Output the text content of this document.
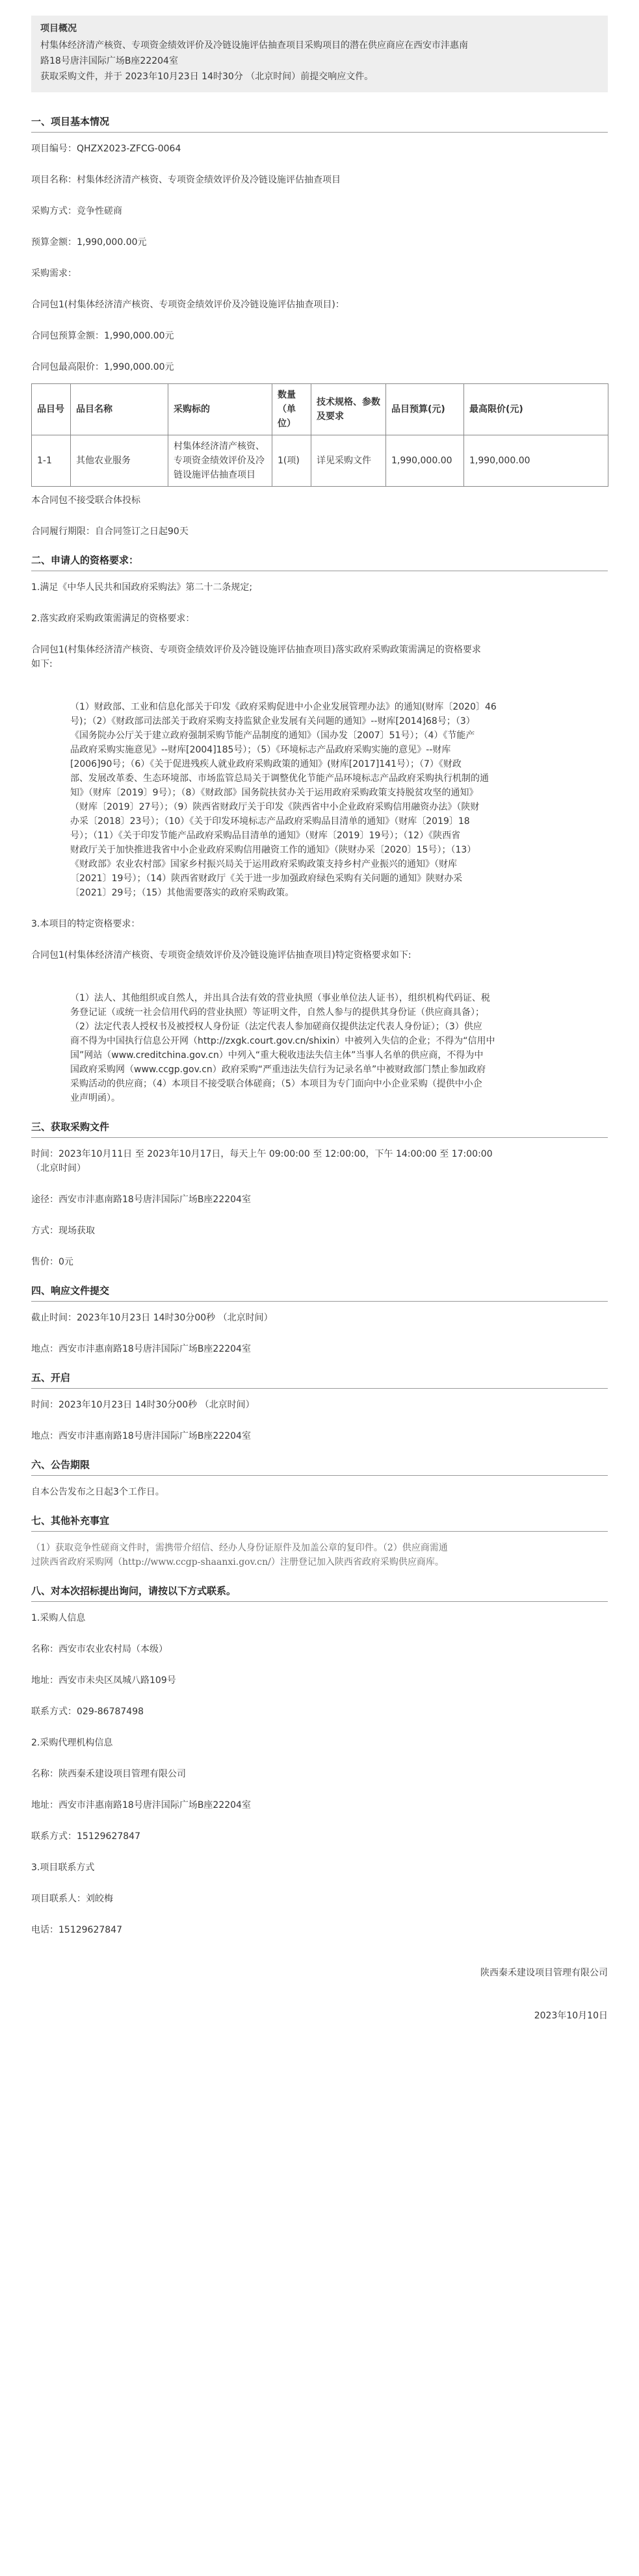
项目概况
村集体经济清产核资、专项资金绩效评价及冷链设施评估抽查项目采购项目的潜在供应商应在西安市沣惠南
路18号唐沣国际广场B座22204室
获取采购文件，并于 2023年10月23日 14时30分 （北京时间）前提交响应文件。
一、项目基本情况

项目编号：QHZX2023-ZFCG-0064

项目名称：村集体经济清产核资、专项资金绩效评价及冷链设施评估抽查项目

采购方式：竞争性磋商

预算金额：1,990,000.00元

采购需求：

合同包1(村集体经济清产核资、专项资金绩效评价及冷链设施评估抽查项目)：

合同包预算金额：1,990,000.00元

合同包最高限价：1,990,000.00元

品目号	品目名称	采购标的	数量（单位）	技术规格、参数及要求	品目预算(元)	最高限价(元)
1-1	其他农业服务	村集体经济清产核资、专项资金绩效评价及冷链设施评估抽查项目	1(项)	详见采购文件	1,990,000.00	1,990,000.00

本合同包不接受联合体投标

合同履行期限：自合同签订之日起90天

二、申请人的资格要求：

1.满足《中华人民共和国政府采购法》第二十二条规定;

2.落实政府采购政策需满足的资格要求：

合同包1(村集体经济清产核资、专项资金绩效评价及冷链设施评估抽查项目)落实政府采购政策需满足的资格要求

如下:

（1）财政部、工业和信息化部关于印发《政府采购促进中小企业发展管理办法》的通知(财库〔2020〕46

号)；（2）《财政部司法部关于政府采购支持监狱企业发展有关问题的通知》--财库[2014]68号；（3）

《国务院办公厅关于建立政府强制采购节能产品制度的通知》（国办发〔2007〕51号）；（4）《节能产

品政府采购实施意见》--财库[2004]185号）；（5）《环境标志产品政府采购实施的意见》--财库

[2006]90号；（6）《关于促进残疾人就业政府采购政策的通知》(财库[2017]141号）；（7）《财政

部、发展改革委、生态环境部、市场监管总局关于调整优化节能产品环境标志产品政府采购执行机制的通

知》（财库〔2019〕9号）；（8）《财政部》国务院扶贫办关于运用政府采购政策支持脱贫攻坚的通知》

（财库〔2019〕27号）；（9）陕西省财政厅关于印发《陕西省中小企业政府采购信用融资办法》（陕财

办采〔2018〕23号）；（10）《关于印发环境标志产品政府采购品目清单的通知》（财库〔2019〕18

号）；（11）《关于印发节能产品政府采购品目清单的通知》（财库〔2019〕19号）；（12）《陕西省

财政厅关于加快推进我省中小企业政府采购信用融资工作的通知》（陕财办采〔2020〕15号）；（13）

《财政部》农业农村部》国家乡村振兴局关于运用政府采购政策支持乡村产业振兴的通知》（财库

〔2021〕19号）；（14）陕西省财政厅《关于进一步加强政府绿色采购有关问题的通知》陕财办采

〔2021〕29号；（15）其他需要落实的政府采购政策。

3.本项目的特定资格要求：

合同包1(村集体经济清产核资、专项资金绩效评价及冷链设施评估抽查项目)特定资格要求如下:

（1）法人、其他组织或自然人，并出具合法有效的营业执照（事业单位法人证书），组织机构代码证、税

务登记证（或统一社会信用代码的营业执照）等证明文件，自然人参与的提供其身份证（供应商具备）；

（2）法定代表人授权书及被授权人身份证（法定代表人参加磋商仅提供法定代表人身份证）；（3）供应

商不得为中国执行信息公开网（http://zxgk.court.gov.cn/shixin）中被列入失信的企业；不得为“信用中

国”网站（www.creditchina.gov.cn）中列入“重大税收违法失信主体”当事人名单的供应商，不得为中

国政府采购网（www.ccgp.gov.cn）政府采购“严重违法失信行为记录名单”中被财政部门禁止参加政府

采购活动的供应商；（4）本项目不接受联合体磋商；（5）本项目为专门面向中小企业采购（提供中小企

业声明函）。

三、获取采购文件

时间：2023年10月11日 至 2023年10月17日，每天上午 09:00:00 至 12:00:00，下午 14:00:00 至 17:00:00

（北京时间）

途径：西安市沣惠南路18号唐沣国际广场B座22204室

方式：现场获取

售价：0元

四、响应文件提交

截止时间：2023年10月23日 14时30分00秒 （北京时间）

地点：西安市沣惠南路18号唐沣国际广场B座22204室

五、开启

时间：2023年10月23日 14时30分00秒 （北京时间）

地点：西安市沣惠南路18号唐沣国际广场B座22204室

六、公告期限

自本公告发布之日起3个工作日。

七、其他补充事宜

（1）获取竞争性磋商文件时，需携带介绍信、经办人身份证原件及加盖公章的复印件。（2）供应商需通

过陕西省政府采购网（http://www.ccgp-shaanxi.gov.cn/）注册登记加入陕西省政府采购供应商库。

八、对本次招标提出询问，请按以下方式联系。

1.采购人信息

名称：西安市农业农村局（本级）

地址：西安市未央区凤城八路109号

联系方式：029-86787498

2.采购代理机构信息

名称：陕西秦禾建设项目管理有限公司

地址：西安市沣惠南路18号唐沣国际广场B座22204室

联系方式：15129627847

3.项目联系方式

项目联系人：刘皎梅

电话：15129627847

陕西秦禾建设项目管理有限公司

2023年10月10日
